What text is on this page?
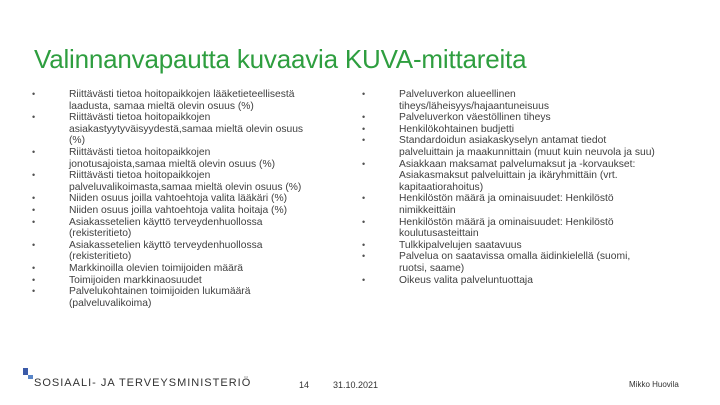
Valinnanvapautta kuvaavia KUVA-mittareita
•	Riittävästi tietoa hoitopaikkojen lääketieteellisestä
laadusta, samaa mieltä olevin osuus (%)
•	Riittävästi tietoa hoitopaikkojen
asiakastyytyväisyydestä,samaa mieltä olevin osuus
(%)
•	Riittävästi tietoa hoitopaikkojen
jonotusajoista,samaa mieltä olevin osuus (%)
•	Riittävästi tietoa hoitopaikkojen
palveluvalikoimasta,samaa mieltä olevin osuus (%)
•	Niiden osuus joilla vahtoehtoja valita lääkäri (%)
•	Niiden osuus joilla vahtoehtoja valita hoitaja (%)
•	Asiakassetelien käyttö terveydenhuollossa
(rekisteritieto)
•	Asiakassetelien käyttö terveydenhuollossa
(rekisteritieto)
•	Markkinoilla olevien toimijoiden määrä
•	Toimijoiden markkinaosuudet
•	Palvelukohtainen toimijoiden lukumäärä
(palveluvalikoima)
•	Palveluverkon alueellinen
tiheys/läheisyys/hajaantuneisuus
•	Palveluverkon väestöllinen tiheys
•	Henkilökohtainen budjetti
•	Standardoidun asiakaskyselyn antamat tiedot
palveluittain ja maakunnittain (muut kuin neuvola ja suu)
•	Asiakkaan maksamat palvelumaksut ja -korvaukset:
Asiakasmaksut palveluittain ja ikäryhmittäin (vrt.
kapitaatiorahoitus)
•	Henkilöstön määrä ja ominaisuudet: Henkilöstö
nimikkeittäin
•	Henkilöstön määrä ja ominaisuudet: Henkilöstö
koulutusasteittain
•	Tulkkipalvelujen saatavuus
•	Palvelua on saatavissa omalla äidinkielellä (suomi,
ruotsi, saame)
•	Oikeus valita palveluntuottaja
SOSIAALI- JA TERVEYSMINISTERIÖ	14	31.10.2021	Mikko Huovila
